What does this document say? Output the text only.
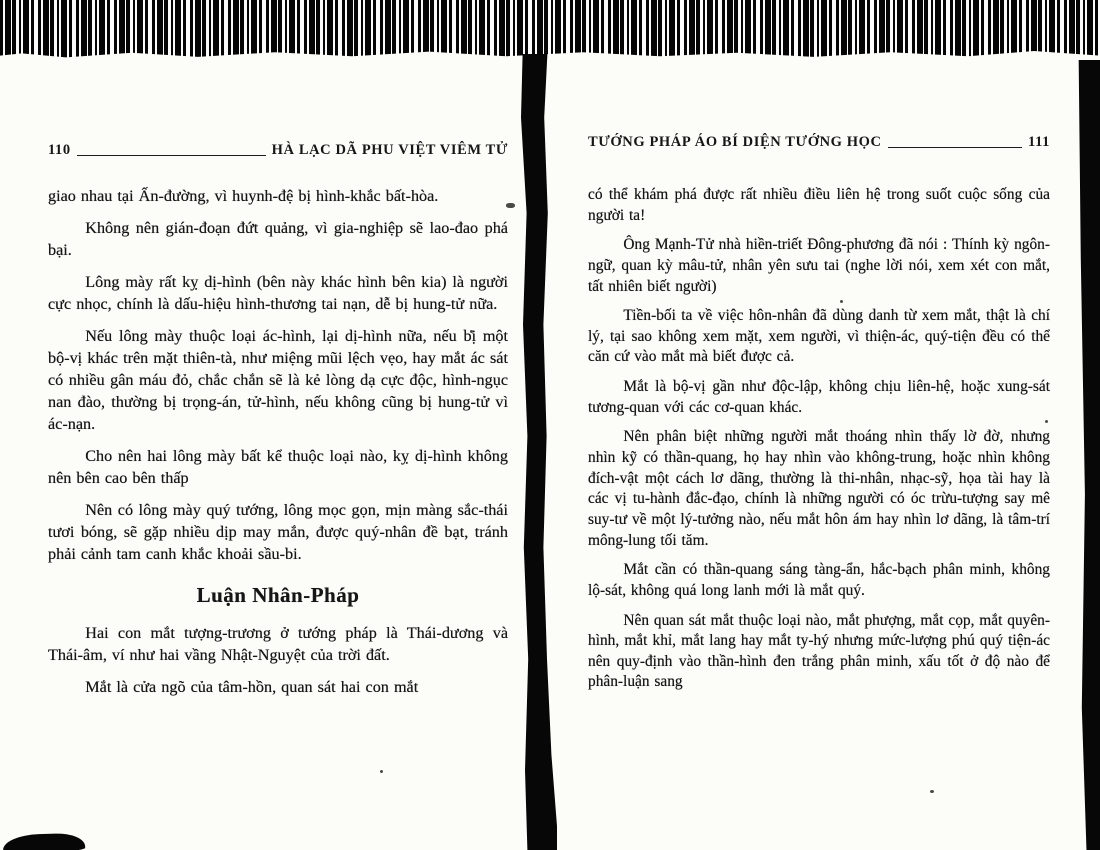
110	HÀ LẠC DÃ PHU VIỆT VIÊM TỬ

giao nhau tại Ấn-đường, vì huynh-đệ bị hình-khắc bất-hòa.

Không nên gián-đoạn đứt quảng, vì gia-nghiệp sẽ lao-đao phá bại.

Lông mày rất kỵ dị-hình (bên này khác hình bên kia) là người cực nhọc, chính là dấu-hiệu hình-thương tai nạn, dễ bị hung-tử nữa.

Nếu lông mày thuộc loại ác-hình, lại dị-hình nữa, nếu bị một bộ-vị khác trên mặt thiên-tà, như miệng mũi lệch vẹo, hay mắt ác sát có nhiều gân máu đỏ, chắc chắn sẽ là kẻ lòng dạ cực độc, hình-ngục nan đào, thường bị trọng-án, tử-hình, nếu không cũng bị hung-tử vì ác-nạn.

Cho nên hai lông mày bất kể thuộc loại nào, kỵ dị-hình không nên bên cao bên thấp

Nên có lông mày quý tướng, lông mọc gọn, mịn màng sắc-thái tươi bóng, sẽ gặp nhiều dịp may mắn, được quý-nhân đề bạt, tránh phải cảnh tam canh khắc khoải sầu-bi.

Luận Nhân-Pháp

Hai con mắt tượng-trương ở tướng pháp là Thái-dương và Thái-âm, ví như hai vầng Nhật-Nguyệt của trời đất.

Mắt là cửa ngõ của tâm-hồn, quan sát hai con mắt

TƯỚNG PHÁP ÁO BÍ DIỆN TƯỚNG HỌC	111

có thể khám phá được rất nhiều điều liên hệ trong suốt cuộc sống của người ta!

Ông Mạnh-Tử nhà hiền-triết Đông-phương đã nói : Thính kỳ ngôn-ngữ, quan kỳ mâu-tử, nhân yên sưu tai (nghe lời nói, xem xét con mắt, tất nhiên biết người)

Tiền-bối ta về việc hôn-nhân đã dùng danh từ xem mắt, thật là chí lý, tại sao không xem mặt, xem người, vì thiện-ác, quý-tiện đều có thể căn cứ vào mắt mà biết được cả.

Mắt là bộ-vị gần như độc-lập, không chịu liên-hệ, hoặc xung-sát tương-quan với các cơ-quan khác.

Nên phân biệt những người mắt thoáng nhìn thấy lờ đờ, nhưng nhìn kỹ có thần-quang, họ hay nhìn vào không-trung, hoặc nhìn không đích-vật một cách lơ dãng, thường là thi-nhân, nhạc-sỹ, họa tài hay là các vị tu-hành đắc-đạo, chính là những người có óc trừu-tượng say mê suy-tư về một lý-tưởng nào, nếu mắt hôn ám hay nhìn lơ dãng, là tâm-trí mông-lung tối tăm.

Mắt cần có thần-quang sáng tàng-ẩn, hắc-bạch phân minh, không lộ-sát, không quá long lanh mới là mắt quý.

Nên quan sát mắt thuộc loại nào, mắt phượng, mắt cọp, mắt quyên-hình, mắt khỉ, mắt lang hay mắt ty-hý nhưng mức-lượng phú quý tiện-ác nên quy-định vào thần-hình đen trắng phân minh, xấu tốt ở độ nào để phân-luận sang
